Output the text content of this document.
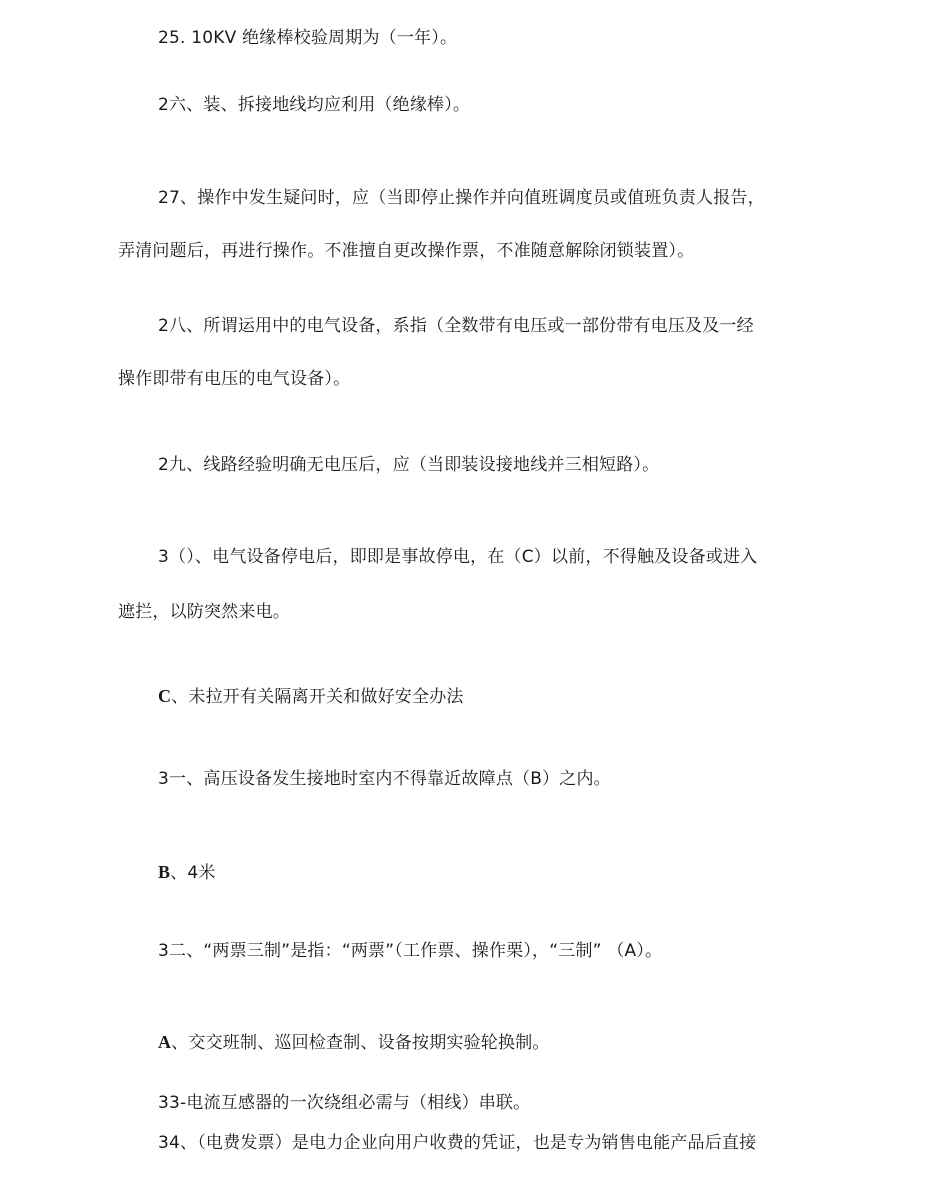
25. 10KV 绝缘棒校验周期为（一年）。
2六、装、拆接地线均应利用（绝缘棒）。
27、操作中发生疑问时，应（当即停止操作并向值班调度员或值班负责人报告，
弄清问题后，再进行操作。不准擅自更改操作票，不准随意解除闭锁装置）。
2八、所谓运用中的电气设备，系指（全数带有电压或一部份带有电压及及一经
操作即带有电压的电气设备）。
2九、线路经验明确无电压后，应（当即装设接地线并三相短路）。
3（）、电气设备停电后，即即是事故停电，在（C）以前，不得触及设备或进入
遮拦，以防突然来电。
C、未拉开有关隔离开关和做好安全办法
3一、高压设备发生接地时室内不得靠近故障点（B）之内。
B、4米
3二、“两票三制”是指：“两票”（工作票、操作栗），“三制” （A）。
A、交交班制、巡回检查制、设备按期实验轮换制。
33-电流互感器的一次绕组必需与（相线）串联。
34、（电费发票）是电力企业向用户收费的凭证，也是专为销售电能产品后直接
